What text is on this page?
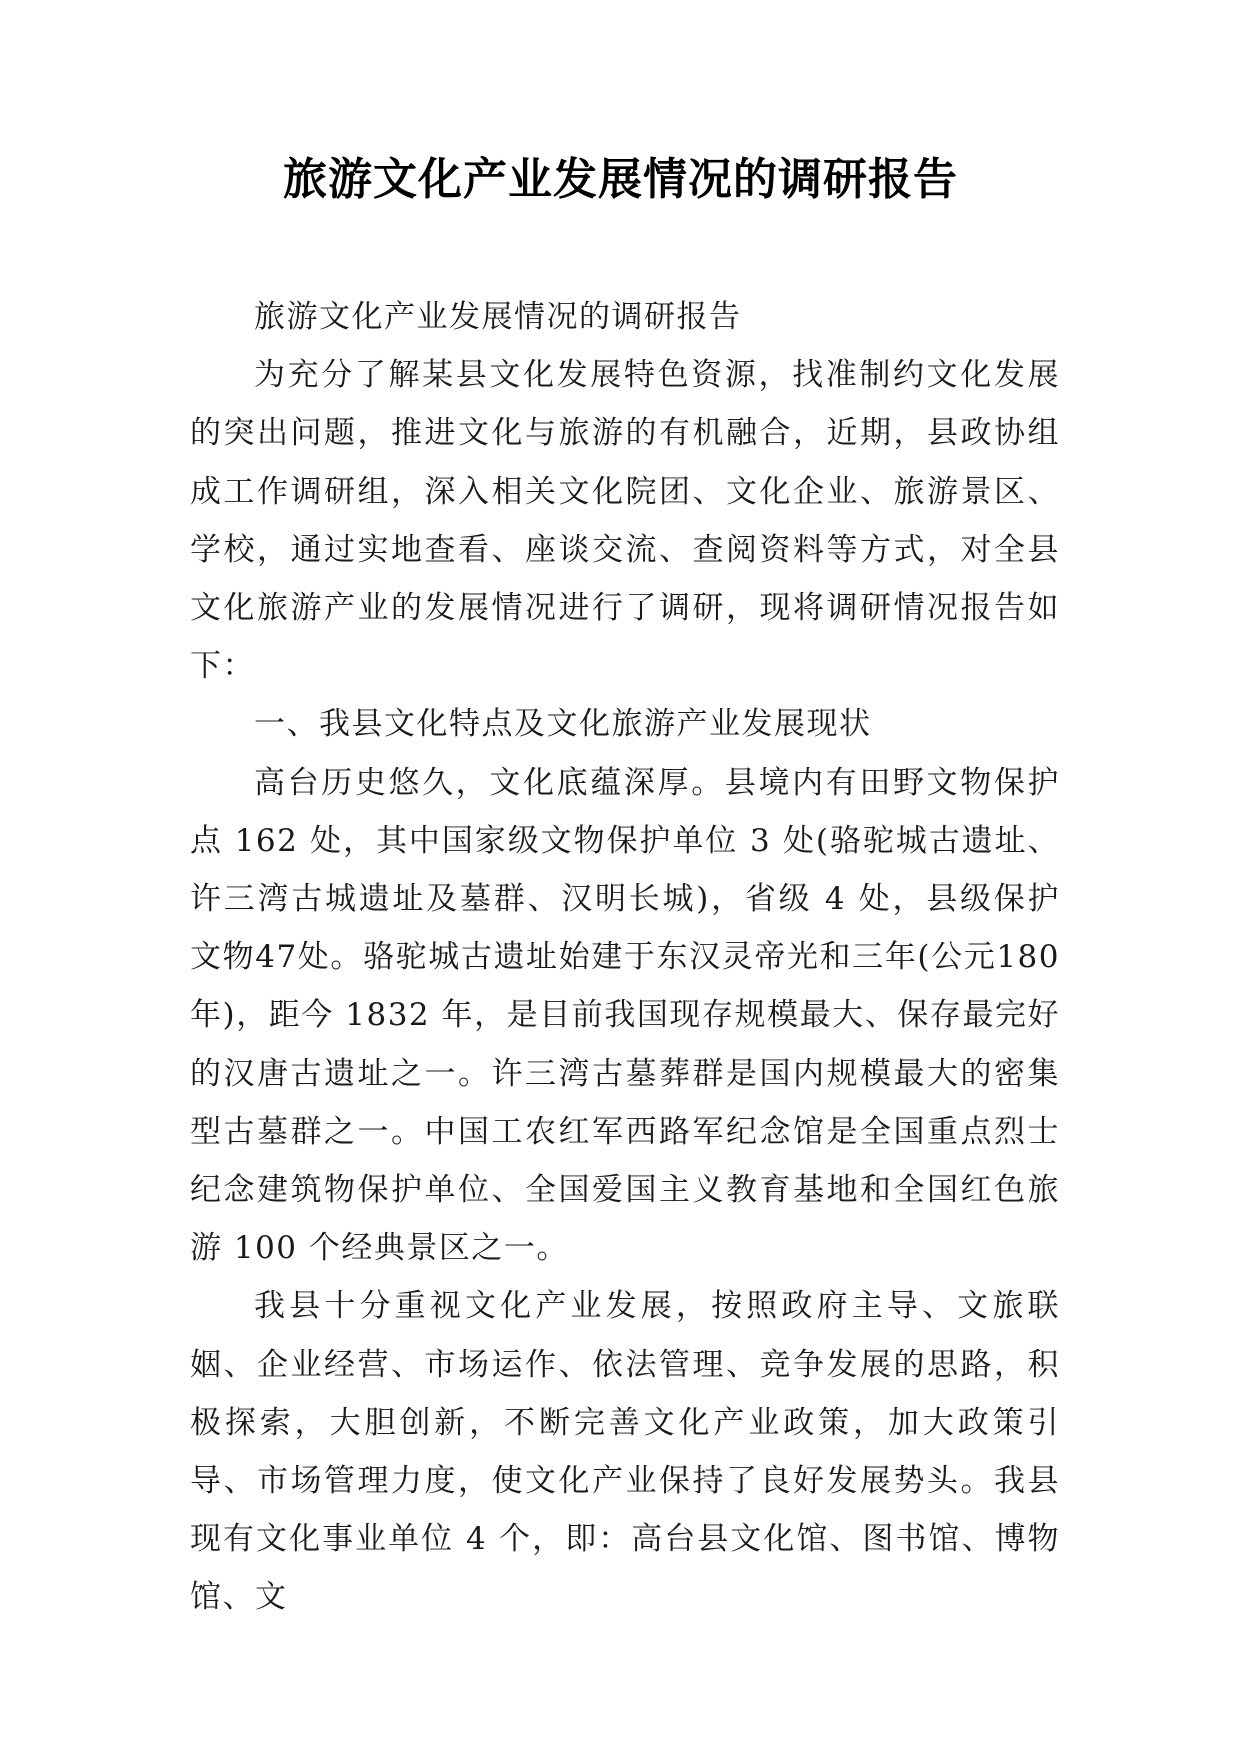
旅游文化产业发展情况的调研报告

旅游文化产业发展情况的调研报告

为充分了解某县文化发展特色资源，找准制约文化发展的突出问题，推进文化与旅游的有机融合，近期，县政协组成工作调研组，深入相关文化院团、文化企业、旅游景区、学校，通过实地查看、座谈交流、查阅资料等方式，对全县文化旅游产业的发展情况进行了调研，现将调研情况报告如下：

一、我县文化特点及文化旅游产业发展现状

高台历史悠久，文化底蕴深厚。县境内有田野文物保护点 162 处，其中国家级文物保护单位 3 处(骆驼城古遗址、许三湾古城遗址及墓群、汉明长城)，省级 4 处，县级保护文物47处。骆驼城古遗址始建于东汉灵帝光和三年(公元180年)，距今 1832 年，是目前我国现存规模最大、保存最完好的汉唐古遗址之一。许三湾古墓葬群是国内规模最大的密集型古墓群之一。中国工农红军西路军纪念馆是全国重点烈士纪念建筑物保护单位、全国爱国主义教育基地和全国红色旅游 100 个经典景区之一。

我县十分重视文化产业发展，按照政府主导、文旅联姻、企业经营、市场运作、依法管理、竞争发展的思路，积极探索，大胆创新，不断完善文化产业政策，加大政策引导、市场管理力度，使文化产业保持了良好发展势头。我县现有文化事业单位 4 个，即：高台县文化馆、图书馆、博物馆、文
